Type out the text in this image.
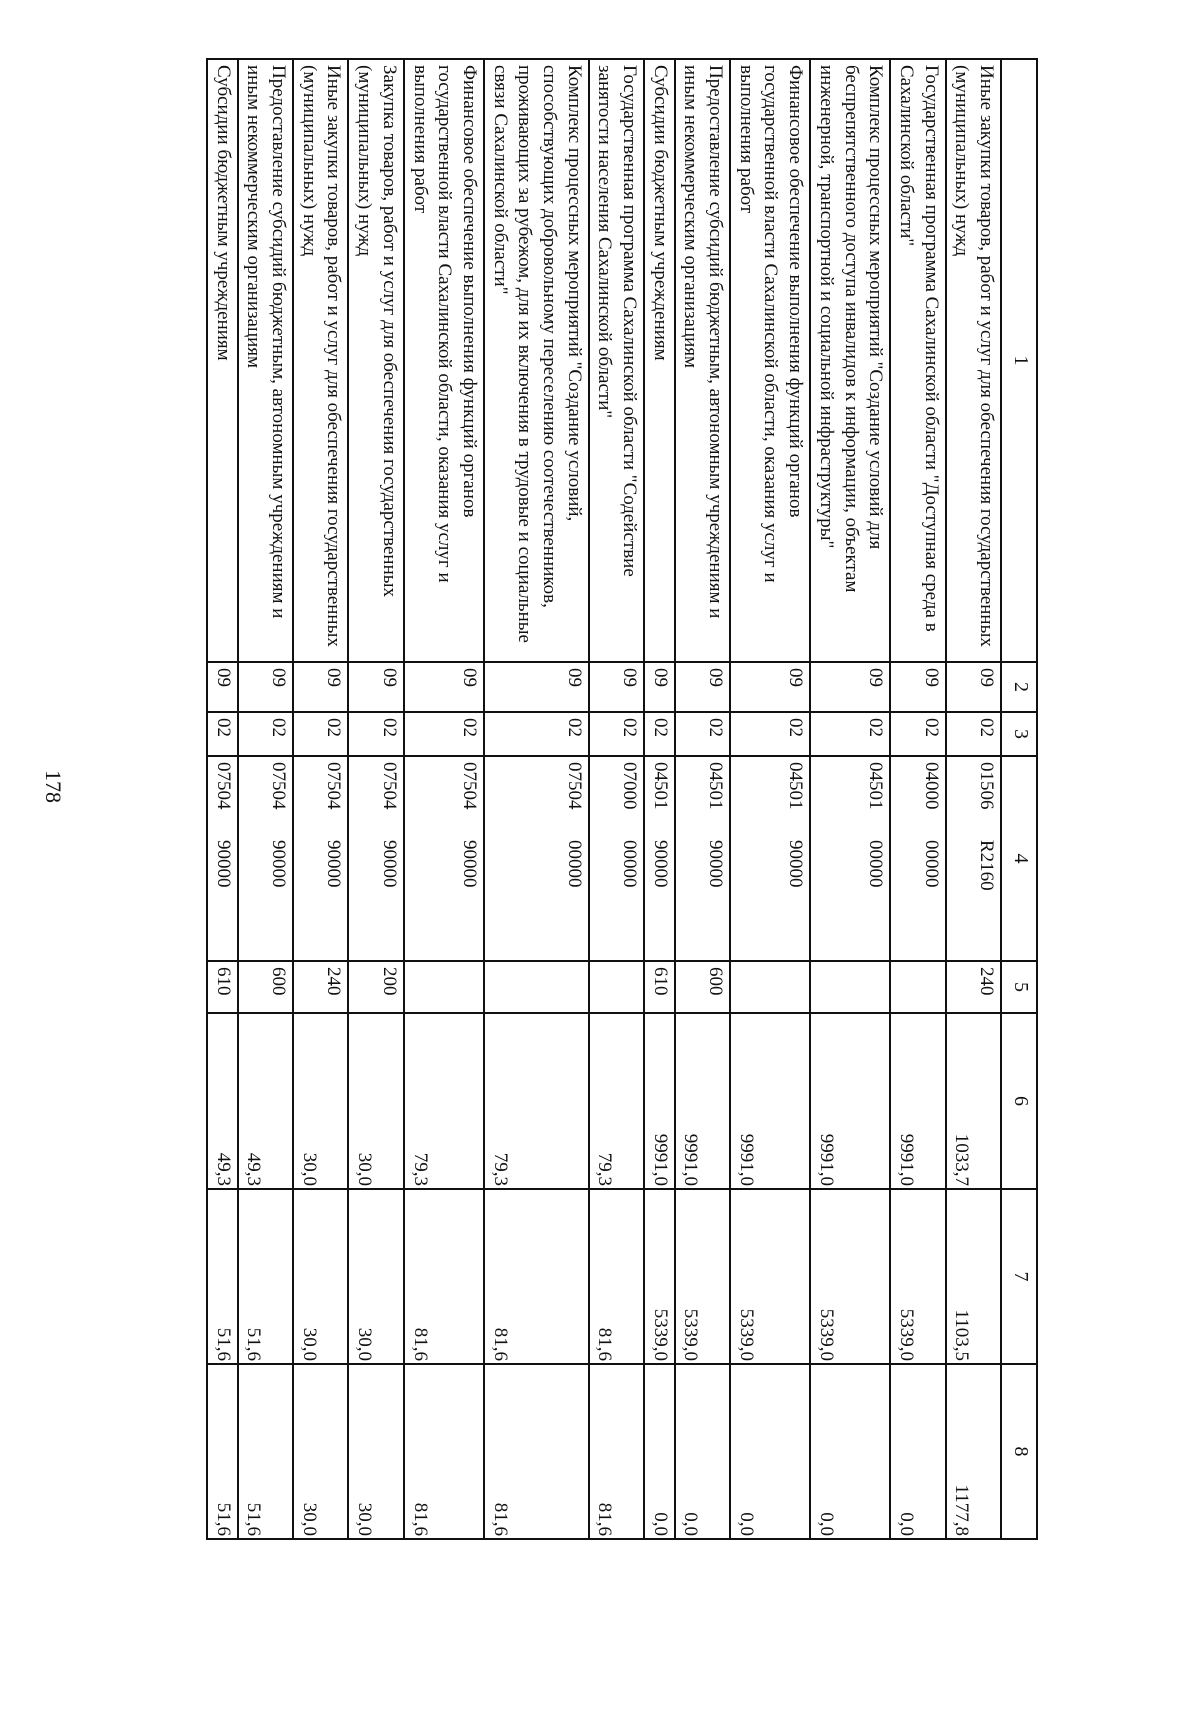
178
1	2	3	4	5	6	7	8
Иные закупки товаров, работ и услуг для обеспечения государственных (муниципальных) нужд	09	02	01506R2160	240	1033,7	1103,5	1177,8
Государственная программа Сахалинской области "Доступная среда в Сахалинской области"	09	02	0400000000		9991,0	5339,0	0,0
Комплекс процессных мероприятий "Создание условий для беспрепятственного доступа инвалидов к информации, объектам инженерной, транспортной и социальной инфраструктуры"	09	02	0450100000		9991,0	5339,0	0,0
Финансовое обеспечение выполнения функций органов государственной власти Сахалинской области, оказания услуг и выполнения работ	09	02	0450190000		9991,0	5339,0	0,0
Предоставление субсидий бюджетным, автономным учреждениям и иным некоммерческим организациям	09	02	0450190000	600	9991,0	5339,0	0,0
Субсидии бюджетным учреждениям	09	02	0450190000	610	9991,0	5339,0	0,0
Государственная программа Сахалинской области "Содействие занятости населения Сахалинской области"	09	02	0700000000		79,3	81,6	81,6
Комплекс процессных мероприятий "Создание условий, способствующих добровольному переселению соотечественников, проживающих за рубежом, для их включения в трудовые и социальные связи Сахалинской области"	09	02	0750400000		79,3	81,6	81,6
Финансовое обеспечение выполнения функций органов государственной власти Сахалинской области, оказания услуг и выполнения работ	09	02	0750490000		79,3	81,6	81,6
Закупка товаров, работ и услуг для обеспечения государственных (муниципальных) нужд	09	02	0750490000	200	30,0	30,0	30,0
Иные закупки товаров, работ и услуг для обеспечения государственных (муниципальных) нужд	09	02	0750490000	240	30,0	30,0	30,0
Предоставление субсидий бюджетным, автономным учреждениям и иным некоммерческим организациям	09	02	0750490000	600	49,3	51,6	51,6
Субсидии бюджетным учреждениям	09	02	0750490000	610	49,3	51,6	51,6
